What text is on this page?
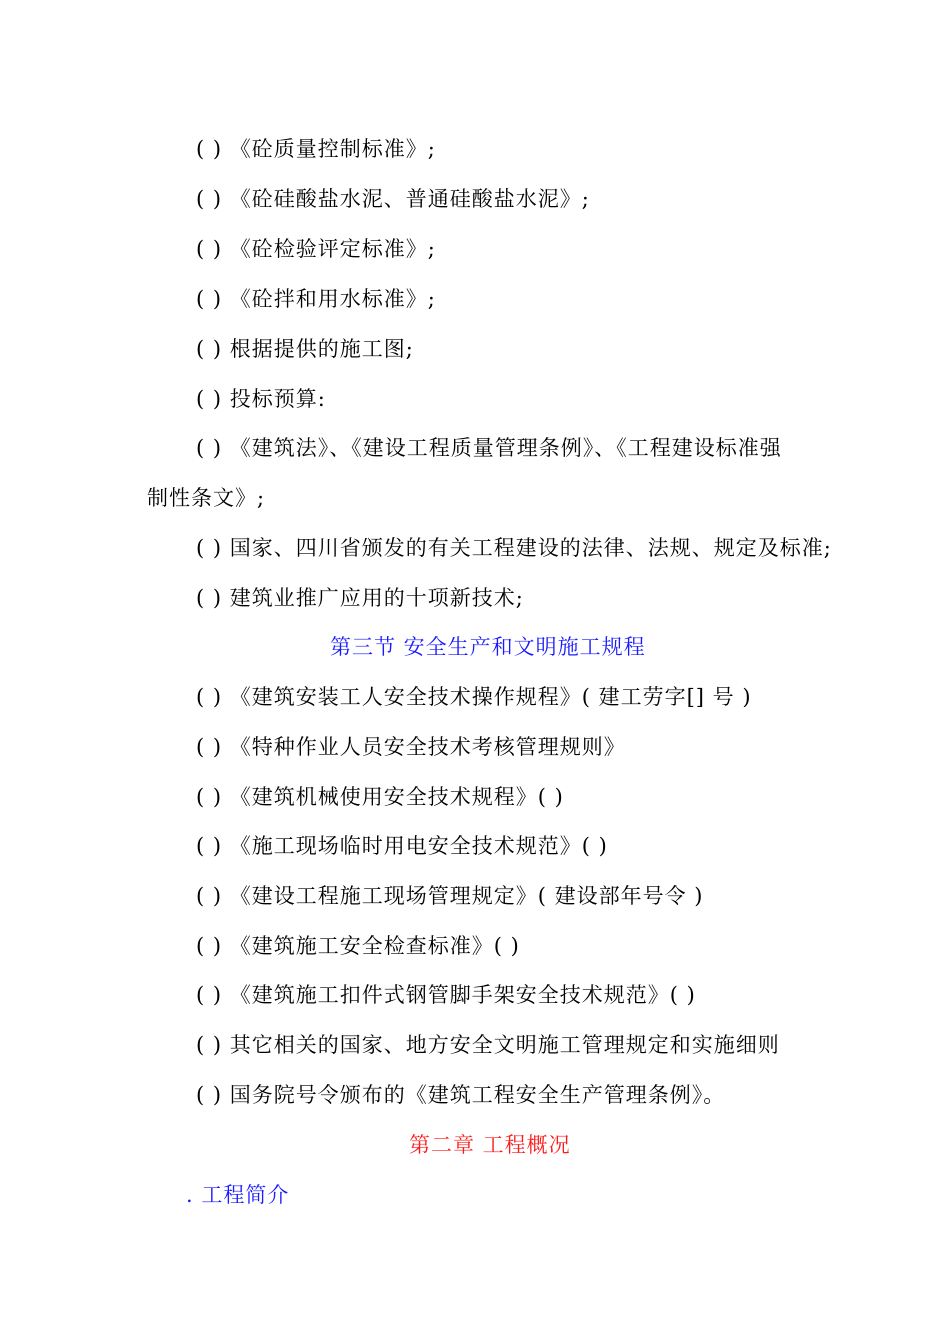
( ) 《砼质量控制标准》;
( ) 《砼硅酸盐水泥、普通硅酸盐水泥》;
( ) 《砼检验评定标准》;
( ) 《砼拌和用水标准》;
( ) 根据提供的施工图;
( ) 投标预算:
( ) 《建筑法》、《建设工程质量管理条例》、《工程建设标准强
制性条文》;
( ) 国家、四川省颁发的有关工程建设的法律、法规、规定及标准;
( ) 建筑业推广应用的十项新技术;
第三节 安全生产和文明施工规程
( ) 《建筑安装工人安全技术操作规程》( 建工劳字[] 号 )
( ) 《特种作业人员安全技术考核管理规则》
( ) 《建筑机械使用安全技术规程》( )
( ) 《施工现场临时用电安全技术规范》( )
( ) 《建设工程施工现场管理规定》( 建设部年号令 )
( ) 《建筑施工安全检查标准》( )
( ) 《建筑施工扣件式钢管脚手架安全技术规范》( )
( ) 其它相关的国家、地方安全文明施工管理规定和实施细则
( ) 国务院号令颁布的《建筑工程安全生产管理条例》。
第二章 工程概况
. 工程简介
